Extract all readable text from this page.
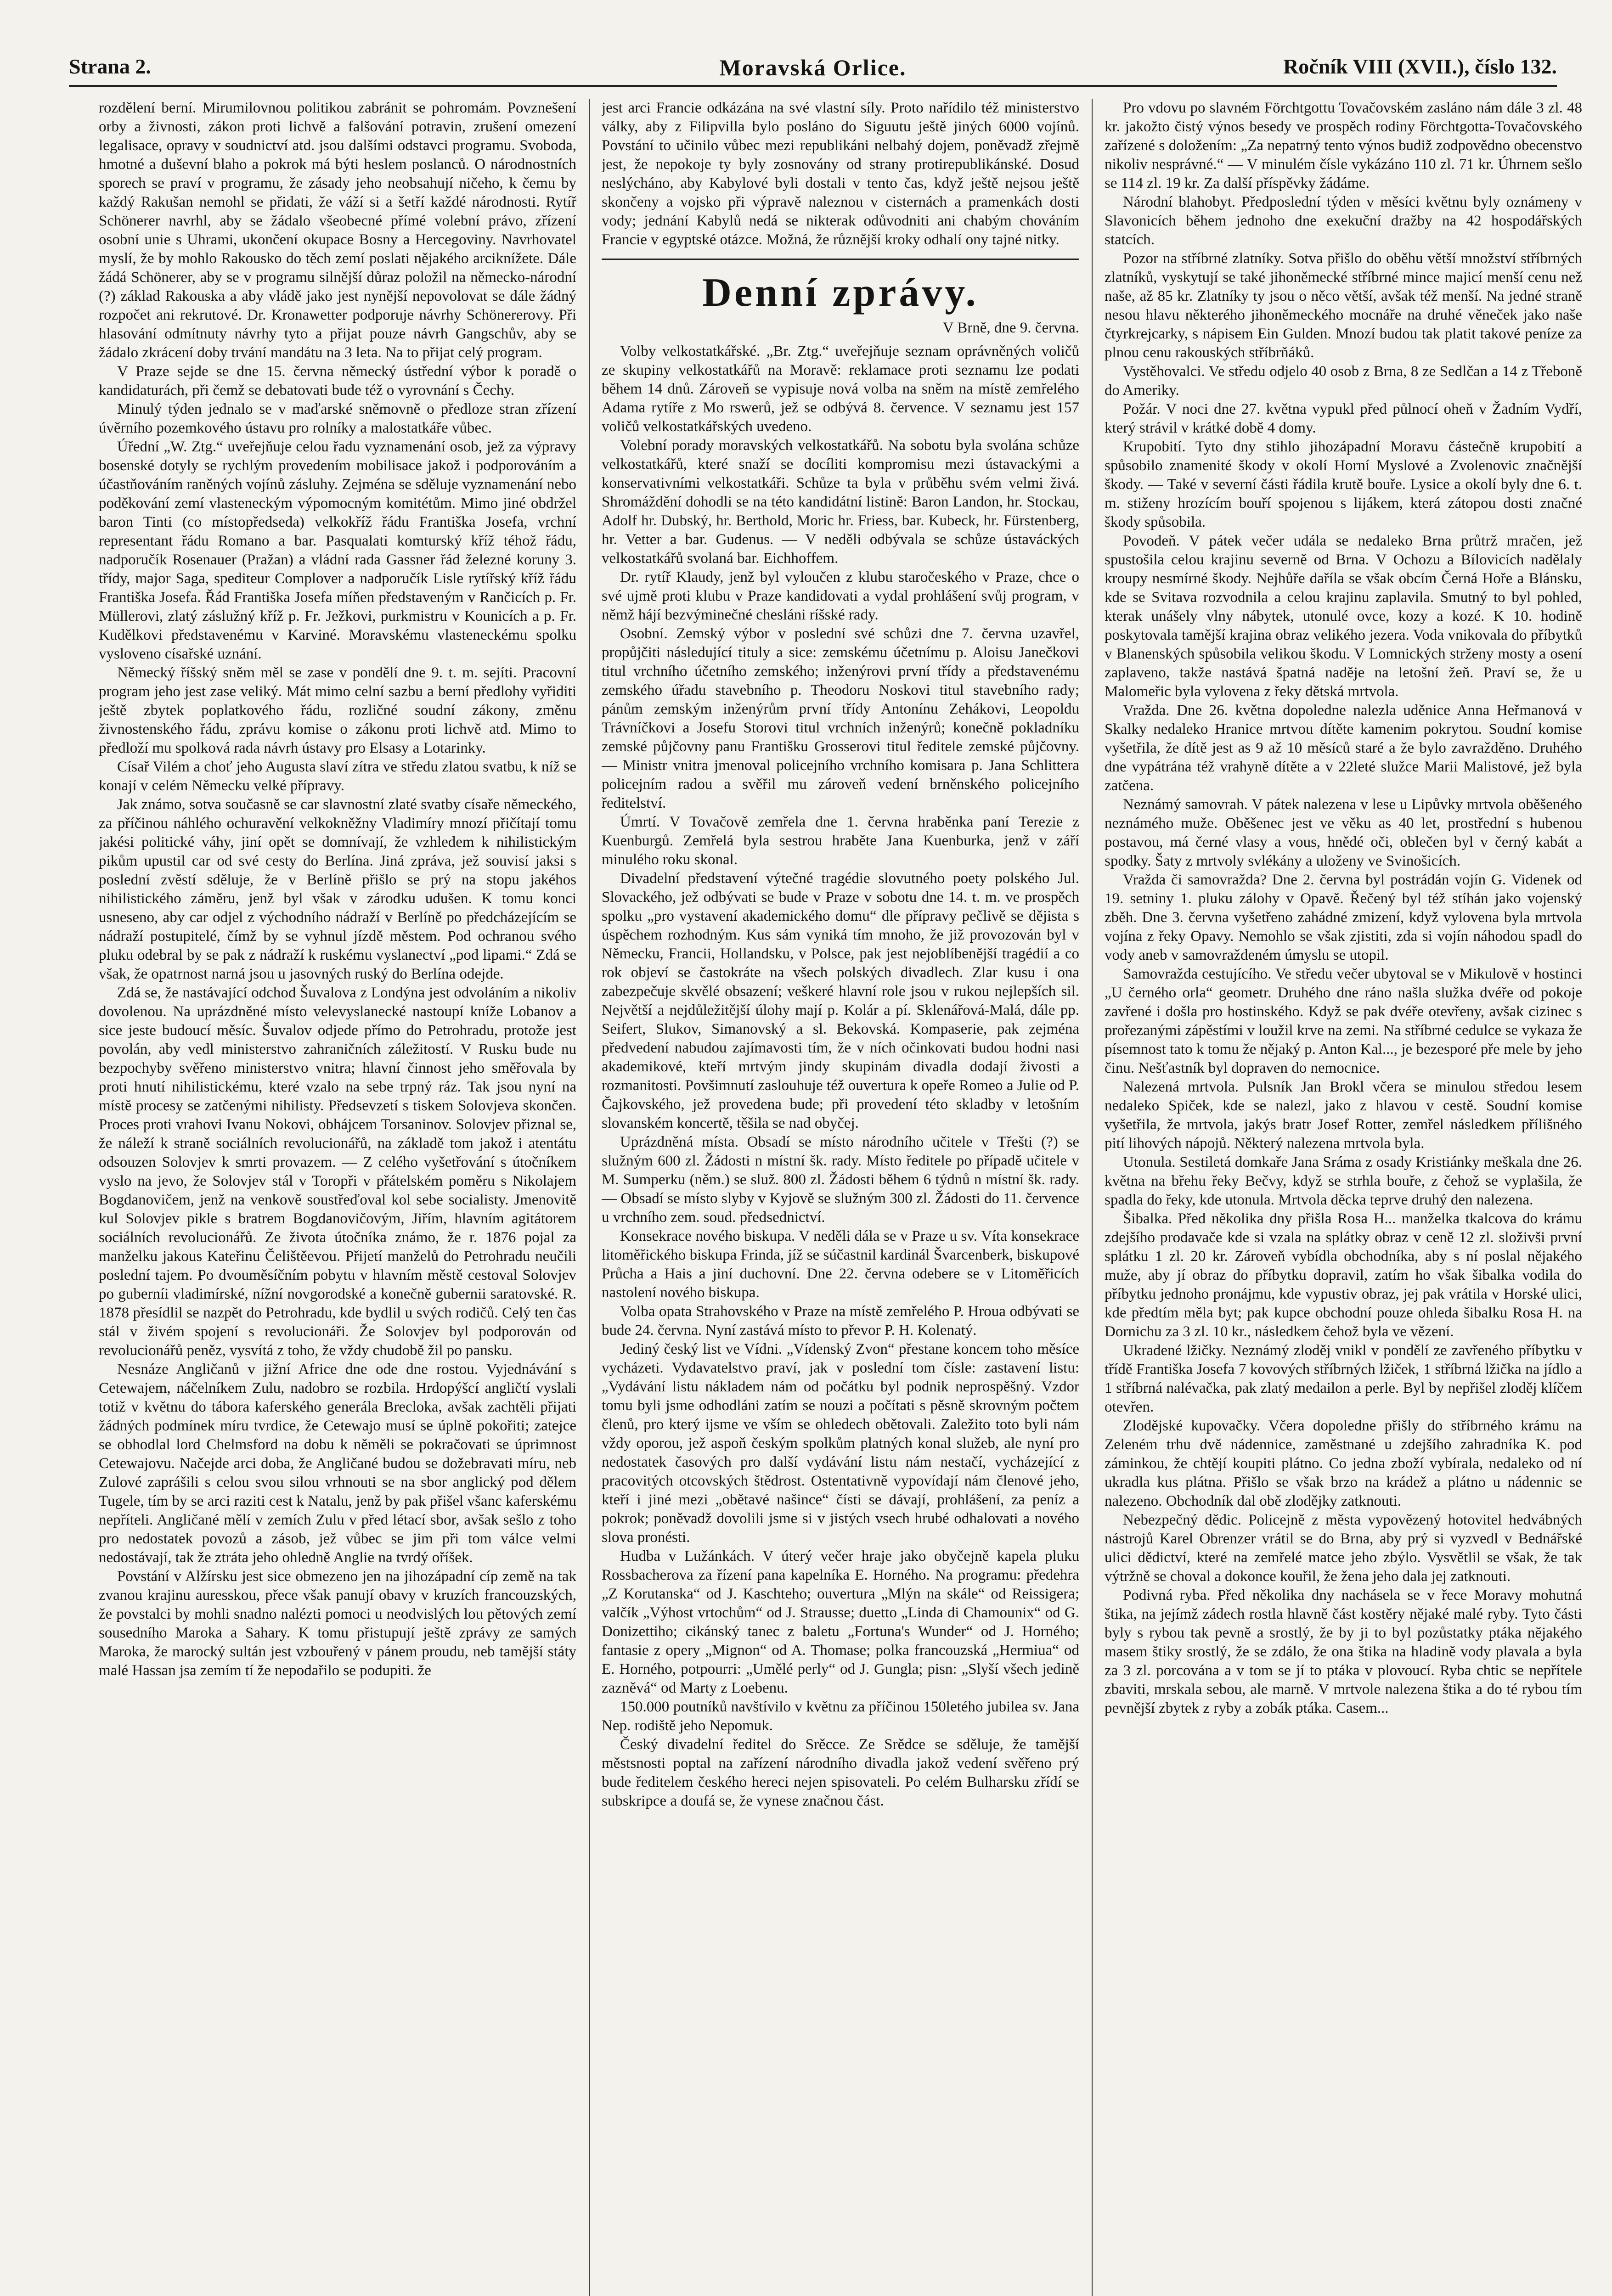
Strana 2.	Moravská Orlice.	Ročník VIII (XVII.), číslo 132.

rozdělení berní. Mirumilovnou politikou zabránit se pohromám. Povznešení orby a živnosti, zákon proti lichvě a falšování potravin, zrušení omezení legalisace, opravy v soudnictví atd. jsou dalšími odstavci programu. Svoboda, hmotné a duševní blaho a pokrok má býti heslem poslanců. O národnostních sporech se praví v programu, že zásady jeho neobsahují ničeho, k čemu by každý Rakušan nemohl se přidati, že váží si a šetří každé národnosti. Rytíř Schönerer navrhl, aby se žádalo všeobecné přímé volební právo, zřízení osobní unie s Uhrami, ukončení okupace Bosny a Hercegoviny. Navrhovatel myslí, že by mohlo Rakousko do těch zemí poslati nějakého arciknížete. Dále žádá Schönerer, aby se v programu silnější důraz položil na německo-národní (?) základ Rakouska a aby vládě jako jest nynější nepovolovat se dále žádný rozpočet ani rekrutové. Dr. Kronawetter podporuje návrhy Schönererovy. Při hlasování odmítnuty návrhy tyto a přijat pouze návrh Gangschův, aby se žádalo zkrácení doby trvání mandátu na 3 leta. Na to přijat celý program.

V Praze sejde se dne 15. června německý ústřední výbor k poradě o kandidaturách, při čemž se debatovati bude též o vyrovnání s Čechy.

Minulý týden jednalo se v maďarské sněmovně o předloze stran zřízení úvěrního pozemkového ústavu pro rolníky a malostatkáře vůbec.

Úřední „W. Ztg.“ uveřejňuje celou řadu vyznamenání osob, jež za výpravy bosenské dotyly se rychlým provedením mobilisace jakož i podporováním a účastňováním raněných vojínů zásluhy. Zejména se sděluje vyznamenání nebo poděkování zemí vlasteneckým výpomocným komitétům. Mimo jiné obdržel baron Tinti (co místopředseda) velkokříž řádu Františka Josefa, vrchní representant řádu Romano a bar. Pasqualati komturský kříž téhož řádu, nadporučík Rosenauer (Pražan) a vládní rada Gassner řád železné koruny 3. třídy, major Saga, spediteur Complover a nadporučík Lisle rytířský kříž řádu Františka Josefa. Řád Františka Josefa míňen představeným v Rančicích p. Fr. Müllerovi, zlatý záslužný kříž p. Fr. Ježkovi, purkmistru v Kounicích a p. Fr. Kudělkovi představenému v Karviné. Moravskému vlasteneckému spolku vysloveno císařské uznání.

Německý říšský sněm měl se zase v pondělí dne 9. t. m. sejíti. Pracovní program jeho jest zase veliký. Mát mimo celní sazbu a berní předlohy vyřiditi ještě zbytek poplatkového řádu, rozličné soudní zákony, změnu živnostenského řádu, zprávu komise o zákonu proti lichvě atd. Mimo to předloží mu spolková rada návrh ústavy pro Elsasy a Lotarinky.

Císař Vilém a choť jeho Augusta slaví zítra ve středu zlatou svatbu, k níž se konají v celém Německu velké přípravy.

Jak známo, sotva současně se car slavnostní zlaté svatby císaře německého, za příčinou náhlého ochuravění velkokněžny Vladimíry mnozí přičítají tomu jakési politické váhy, jiní opět se domnívají, že vzhledem k nihilistickým pikům upustil car od své cesty do Berlína. Jiná zpráva, jež souvisí jaksi s poslední zvěstí sděluje, že v Berlíně přišlo se prý na stopu jakéhos nihilistického záměru, jenž byl však v zárodku udušen. K tomu konci usneseno, aby car odjel z východního nádraží v Berlíně po předcházejícím se nádraží postupitelé, čímž by se vyhnul jízdě městem. Pod ochranou svého pluku odebral by se pak z nádraží k ruskému vyslanectví „pod lipami.“ Zdá se však, že opatrnost narná jsou u jasovných ruský do Berlína odejde.

Zdá se, že nastávající odchod Šuvalova z Londýna jest odvoláním a nikoliv dovolenou. Na uprázdněné místo velevyslanecké nastoupí kníže Lobanov a sice jeste budoucí měsíc. Šuvalov odjede přímo do Petrohradu, protože jest povolán, aby vedl ministerstvo zahraničních záležitostí. V Rusku bude nu bezpochyby svěřeno ministerstvo vnitra; hlavní činnost jeho směřovala by proti hnutí nihilistickému, které vzalo na sebe trpný ráz. Tak jsou nyní na místě procesy se zatčenými nihilisty. Předsevzetí s tiskem Solovjeva skončen. Proces proti vrahovi Ivanu Nokovi, obhájcem Torsaninov. Solovjev přiznal se, že náleží k straně sociálních revolucionářů, na základě tom jakož i atentátu odsouzen Solovjev k smrti provazem. — Z celého vyšetřování s útočníkem vyslo na jevo, že Solovjev stál v Toropři v přátelském poměru s Nikolajem Bogdanovičem, jenž na venkově soustřeďoval kol sebe socialisty. Jmenovitě kul Solovjev pikle s bratrem Bogdanovičovým, Jiřím, hlavním agitátorem sociálních revolucionářů. Ze života útočníka známo, že r. 1876 pojal za manželku jakous Kateřinu Čelištěevou. Přijetí manželů do Petrohradu neučili poslední tajem. Po dvouměsíčním pobytu v hlavním městě cestoval Solovjev po guberníi vladimírské, nížní novgorodské a konečně gubernii saratovské. R. 1878 přesídlil se nazpět do Petrohradu, kde bydlil u svých rodičů. Celý ten čas stál v živém spojení s revolucionáři. Že Solovjev byl podporován od revolucionářů peněz, vysvítá z toho, že vždy chudobě žil po pansku.

Nesnáze Angličanů v jižní Africe dne ode dne rostou. Vyjednávání s Cetewajem, náčelníkem Zulu, nadobro se rozbila. Hrdopýšcí angličtí vyslali totiž v květnu do tábora kaferského generála Breclokа, avšak zachtěli přijati žádných podmínek míru tvrdice, že Cetewajo musí se úplně pokořiti; zatejce se obhodlal lord Chelmsford na dobu k něměli se pokračovati se úprimnost Cetewajovu. Načejde arci doba, že Angličané budou se dožebravati míru, neb Zulové zaprášili s celou svou silou vrhnouti se na sbor anglický pod dělem Tugele, tím by se arci raziti cest k Natalu, jenž by pak přišel všanc kaferskému nepříteli. Angličané mělí v zemích Zulu v před létací sbor, avšak sešlo z toho pro nedostatek povozů a zásob, jež vůbec se jim při tom válce velmi nedostávají, tak že ztráta jeho ohledně Anglie na tvrdý oříšek.

Povstání v Alžírsku jest sice obmezeno jen na jihozápadní cíp země na tak zvanou krajinu auresskou, přece však panují obavy v kruzích francouzských, že povstalci by mohli snadno nalézti pomoci u neodvislých lou pětových zemí sousedního Maroka a Sahary. K tomu přistupují ještě zprávy ze samých Maroka, že marocký sultán jest vzbouřený v pánem proudu, neb tamější státy malé Hassan jsa zemím tí že nepodařilo se podupiti. že

jest arci Francie odkázána na své vlastní síly. Proto nařídilo též ministerstvo války, aby z Filipvilla bylo posláno do Siguutu ještě jiných 6000 vojínů. Povstání to učinilo vůbec mezi republikáni nelbahý dojem, poněvadž zřejmě jest, že nepokoje ty byly zosnovány od strany protirepublikánské. Dosud neslýcháno, aby Kabylové byli dostali v tento čas, když ještě nejsou ještě skončeny a vojsko při výpravě naleznou v cisternách a pramenkách dosti vody; jednání Kabylů nedá se nikterak odůvodniti ani chabým chováním Francie v egyptské otázce. Možná, že různější kroky odhalí ony tajné nitky.

Denní zprávy.
V Brně, dne 9. června.

Volby velkostatkářské. „Br. Ztg.“ uveřejňuje seznam oprávněných voličů ze skupiny velkostatkářů na Moravě: reklamace proti seznamu lze podati během 14 dnů. Zároveň se vypisuje nová volba na sněm na místě zemřelého Adama rytíře z Mo rswerů, jež se odbývá 8. července. V seznamu jest 157 voličů velkostatkářských uvedeno.

Volební porady moravských velkostatkářů. Na sobotu byla svolána schůze velkostatkářů, které snaží se docíliti kompromisu mezi ústavackými a konservativními velkostatkáři. Schůze ta byla v průběhu svém velmi živá. Shromáždění dohodli se na této kandidátní listině: Baron Landon, hr. Stockau, Adolf hr. Dubský, hr. Berthold, Moric hr. Friess, bar. Kubeck, hr. Fürstenberg, hr. Vetter a bar. Gudenus. — V neděli odbývala se schůze ústaváckých velkostatkářů svolaná bar. Eichhoffem.

Dr. rytíř Klaudy, jenž byl vyloučen z klubu staročeského v Praze, chce o své ujmě proti klubu v Praze kandidovati a vydal prohlášení svůj program, v němž hájí bezvýminečné chesláni ríšské rady.

Osobní. Zemský výbor v poslední své schůzi dne 7. června uzavřel, propůjčiti následující tituly a sice: zemskému účetnímu p. Aloisu Janečkovi titul vrchního účetního zemského; inženýrovi první třídy a představenému zemského úřadu stavebního p. Theodoru Noskovi titul stavebního rady; pánům zemským inženýrům první třídy Antonínu Zehákovi, Leopoldu Trávníčkovi a Josefu Storovi titul vrchních inženýrů; konečně pokladníku zemské půjčovny panu Františku Grosserovi titul ředitele zemské půjčovny. — Ministr vnitra jmenoval policejního vrchního komisara p. Jana Schlittera policejním radou a svěřil mu zároveň vedení brněnského policejního ředitelství.

Úmrtí. V Tovačově zemřela dne 1. června hraběnka paní Terezie z Kuenburgů. Zemřelá byla sestrou hraběte Jana Kuenburka, jenž v září minulého roku skonal.

Divadelní představení výtečné tragédie slovutného poety polského Jul. Slovackého, jež odbývati se bude v Praze v sobotu dne 14. t. m. ve prospěch spolku „pro vystavení akademického domu“ dle přípravy pečlivě se dějista s úspěchem rozhodným. Kus sám vyniká tím mnoho, že již provozován byl v Německu, Francii, Hollandsku, v Polsce, pak jest nejoblíbenější tragédií a co rok objeví se častokráte na všech polských divadlech. Zlar kusu i ona zabezpečuje skvělé obsazení; veškeré hlavní role jsou v rukou nejlepších sil. Největší a nejdůležitější úlohy mají p. Kolár a pí. Sklenářová-Malá, dále pp. Seifert, Slukov, Simanovský a sl. Bekovská. Kompaserie, pak zejména předvedení nabudou zajímavosti tím, že v ních očinkovati budou hodni nasi akademikové, kteří mrtvým jindy skupinám divadla dodají živosti a rozmanitosti. Povšimnutí zaslouhuje též ouvertura k opeře Romeo a Julie od P. Čajkovského, jež provedena bude; při provedení této skladby v letošním slovanském koncertě, těšila se nad obyčej.

Uprázdněná místa. Obsadí se místo národního učitele v Třešti (?) se služným 600 zl. Žádosti n místní šk. rady. Místo ředitele po případě učitele v M. Sumperku (něm.) se služ. 800 zl. Žádosti během 6 týdnů n místní šk. rady. — Obsadí se místo slyby v Kyjově se služným 300 zl. Žádosti do 11. července u vrchního zem. soud. předsednictví.

Konsekrace nového biskupa. V neděli dála se v Praze u sv. Víta konsekrace litoměřického biskupa Frinda, jíž se súčastnil kardinál Švarcenberk, biskupové Průcha a Hais a jiní duchovní. Dne 22. června odebere se v Litoměřicích nastolení nového biskupa.

Volba opata Strahovského v Praze na místě zemřelého P. Hroua odbývati se bude 24. června. Nyní zastává místo to převor P. H. Kolenatý.

Jediný český list ve Vídni. „Vídenský Zvon“ přestane koncem toho měsíce vycházeti. Vydavatelstvo praví, jak v poslední tom čísle: zastavení listu: „Vydávání listu nákladem nám od počátku byl podnik neprospěšný. Vzdor tomu byli jsme odhodláni zatím se nouzi a počítati s pěsně skrovným počtem členů, pro který ijsme ve vším se ohledech obětovali. Zaležito toto byli nám vždy oporou, jež aspoň českým spolkům platných konal služeb, ale nyní pro nedostatek časových pro další vydávání listu nám nestačí, vycházející z pracovitých otcovských štědrost. Ostentativně vypovídají nám členové jeho, kteří i jiné mezi „obětavé našince“ čísti se dávají, prohlášení, za peníz a pokrok; poněvadž dovolili jsme si v jistých vsech hrubé odhalovati a nového slova pronésti.

Hudba v Lužánkách. V úterý večer hraje jako obyčejně kapela pluku Rossbacherova za řízení pana kapelníka E. Horného. Na programu: předehra „Z Korutanska“ od J. Kaschteho; ouvertura „Mlýn na skále“ od Reissigera; valčík „Výhost vrtochům“ od J. Strausse; duetto „Linda di Chamounix“ od G. Donizettiho; cikánský tanec z baletu „Fortuna's Wunder“ od J. Horného; fantasie z opery „Mignon“ od A. Thomase; polka francouzská „Hermiua“ od E. Horného, potpourri: „Umělé perly“ od J. Gungla; pisn: „Slyší všech jedině zazněvá“ od Marty z Loebenu.

150.000 poutníků navštívilo v květnu za příčinou 150letého jubilea sv. Jana Nep. rodiště jeho Nepomuk.

Český divadelní ředitel do Srěcce. Ze Srědce se sděluje, že tamější městsnosti poptal na zařízení národního divadla jakož vedení svěřeno prý bude ředitelem českého hereci nejen spisovateli. Po celém Bulharsku zřídí se subskripce a doufá se, že vynese značnou část.

Pro vdovu po slavném Förchtgottu Tovačovském zasláno nám dále 3 zl. 48 kr. jakožto čistý výnos besedy ve prospěch rodiny Förchtgotta-Tovačovského zařízené s doložením: „Za nepatrný tento výnos budiž zodpovědno obecenstvo nikoliv nesprávné.“ — V minulém čísle vykázáno 110 zl. 71 kr. Úhrnem sešlo se 114 zl. 19 kr. Za další příspěvky žádáme.

Národní blahobyt. Předposlední týden v měsíci květnu byly oznámeny v Slavonicích během jednoho dne exekuční dražby na 42 hospodářských statcích.

Pozor na stříbrné zlatníky. Sotva přišlo do oběhu větší množství stříbrných zlatníků, vyskytují se také jihoněmecké stříbrné mince majicí menší cenu než naše, až 85 kr. Zlatníky ty jsou o něco větší, avšak též menší. Na jedné straně nesou hlavu některého jihoněmeckého mocnáře na druhé věneček jako naše čtyrkrejcarky, s nápisem Ein Gulden. Mnozí budou tak platit takové peníze za plnou cenu rakouských stříbrňáků.

Vystěhovalci. Ve středu odjelo 40 osob z Brna, 8 ze Sedlčan a 14 z Třeboně do Ameriky.

Požár. V noci dne 27. května vypukl před půlnocí oheň v Žadním Vydří, který strávil v krátké době 4 domy.

Krupobití. Tyto dny stihlo jihozápadní Moravu částečně krupobití a spůsobilo znamenité škody v okolí Horní Myslové a Zvolenovic značnější škody. — Také v severní části řádila krutě bouře. Lysice a okolí byly dne 6. t. m. stiženy hrozícím bouří spojenou s lijákem, která zátopou dosti značné škody spůsobila.

Povodeň. V pátek večer udála se nedaleko Brna průtrž mračen, jež spustošila celou krajinu severně od Brna. V Ochozu a Bílovicích nadělaly kroupy nesmírné škody. Nejhůře daříla se však obcím Černá Hoře a Blánsku, kde se Svitava rozvodnila a celou krajinu zaplavila. Smutný to byl pohled, kterak unášely vlny nábytek, utonulé ovce, kozy a kozé. K 10. hodině poskytovala tamější krajina obraz velikého jezera. Voda vnikovala do příbytků v Blanenských spůsobila velikou škodu. V Lomnických strženy mosty a osení zaplaveno, takže nastává špatná naděje na letošní žeň. Praví se, že u Malomeřic byla vylovena z řeky dětská mrtvola.

Vražda. Dne 26. května dopoledne nalezla uděnice Anna Heřmanová v Skalky nedaleko Hranice mrtvou dítěte kamenim pokrytou. Soudní komise vyšetřila, že dítě jest as 9 až 10 měsíců staré a že bylo zavražděno. Druhého dne vypátrána též vrahyně dítěte a v 22leté služce Marii Malistové, jež byla zatčena.

Neznámý samovrah. V pátek nalezena v lese u Lipůvky mrtvola oběšeného neznámého muže. Oběšenec jest ve věku as 40 let, prostřední s hubenou postavou, má černé vlasy a vous, hnědé oči, oblečen byl v černý kabát a spodky. Šaty z mrtvoly svlékány a uloženy ve Svinošicích.

Vražda či samovražda? Dne 2. června byl postrádán vojín G. Videnek od 19. setniny 1. pluku zálohy v Opavě. Řečený byl též stíhán jako vojenský zběh. Dne 3. června vyšetřeno zahádné zmizení, když vylovena byla mrtvola vojína z řeky Opavy. Nemohlo se však zjistiti, zda si vojín náhodou spadl do vody aneb v samovraždeném úmyslu se utopil.

Samovražda cestujícího. Ve středu večer ubytoval se v Mikulově v hostinci „U černého orla“ geometr. Druhého dne ráno našla služka dvéře od pokoje zavřené i došla pro hostinského. Když se pak dvéře otevřeny, avšak cizinec s prořezanými zápěstími v loužil krve na zemi. Na stříbrné cedulce se vykaza že písemnost tato k tomu že nějaký p. Anton Kal..., je bezesporé pře mele by jeho činu. Nešťastník byl dopraven do nemocnice.

Nalezená mrtvola. Pulsník Jan Brokl včera se minulou středou lesem nedaleko Spiček, kde se nalezl, jako z hlavou v cestě. Soudní komise vyšetřila, že mrtvola, jakýs bratr Josef Rotter, zemřel následkem přílišného pití lihových nápojů. Některý nalezena mrtvola byla.

Utonula. Sestiletá domkaře Jana Sráma z osady Kristiánky meškala dne 26. května na břehu řeky Bečvy, když se strhla bouře, z čehož se vyplašila, že spadla do řeky, kde utonula. Mrtvola děcka teprve druhý den nalezena.

Šibalka. Před několika dny přišla Rosa H... manželka tkalcova do krámu zdejšího prodavače kde si vzala na splátky obraz v ceně 12 zl. složivši první splátku 1 zl. 20 kr. Zároveň vybídla obchodníka, aby s ní poslal nějakého muže, aby jí obraz do příbytku dopravil, zatím ho však šibalka vodila do příbytku jednoho pronájmu, kde vypustiv obraz, jej pak vrátila v Horské ulici, kde předtím měla byt; pak kupce obchodní pouze ohleda šibalku Rosa H. na Dornichu za 3 zl. 10 kr., následkem čehož byla ve vězení.

Ukradené lžičky. Neznámý zloděj vnikl v pondělí ze zavřeného příbytku v třídě Františka Josefa 7 kovových stříbrných lžiček, 1 stříbrná lžička na jídlo a 1 stříbrná nalévačka, pak zlatý medailon a perle. Byl by nepřišel zloděj klíčem otevřen.

Zlodějské kupovačky. Včera dopoledne přišly do stříbrného krámu na Zeleném trhu dvě nádennice, zaměstnané u zdejšího zahradníka K. pod záminkou, že chtějí koupiti plátno. Co jedna zboží vybírala, nedaleko od ní ukradla kus plátna. Přišlo se však brzo na krádež a plátno u nádennic se nalezeno. Obchodník dal obě zlodějky zatknouti.

Nebezpečný dědic. Policejně z města vypovězený hotovitel hedvábných nástrojů Karel Obrenzer vrátil se do Brna, aby prý si vyzvedl v Bednářské ulici dědictví, které na zemřelé matce jeho zbýlo. Vysvětlil se však, že tak výtržně se choval a dokonce kouřil, že žena jeho dala jej zatknouti.

Podivná ryba. Před několika dny nachásela se v řece Moravy mohutná štika, na jejímž zádech rostla hlavně část kostěry nějaké malé ryby. Tyto části byly s rybou tak pevně a srostlý, že by ji to byl pozůstatky ptáka nějakého masem štiky srostlý, že se zdálo, že ona štika na hladině vody plavala a byla za 3 zl. porcována a v tom se jí to ptáka v plovoucí. Ryba chtic se nepřítele zbaviti, mrskala sebou, ale marně. V mrtvole nalezena štika a do té rybou tím pevnější zbytek z ryby a zobák ptáka. Casem...
